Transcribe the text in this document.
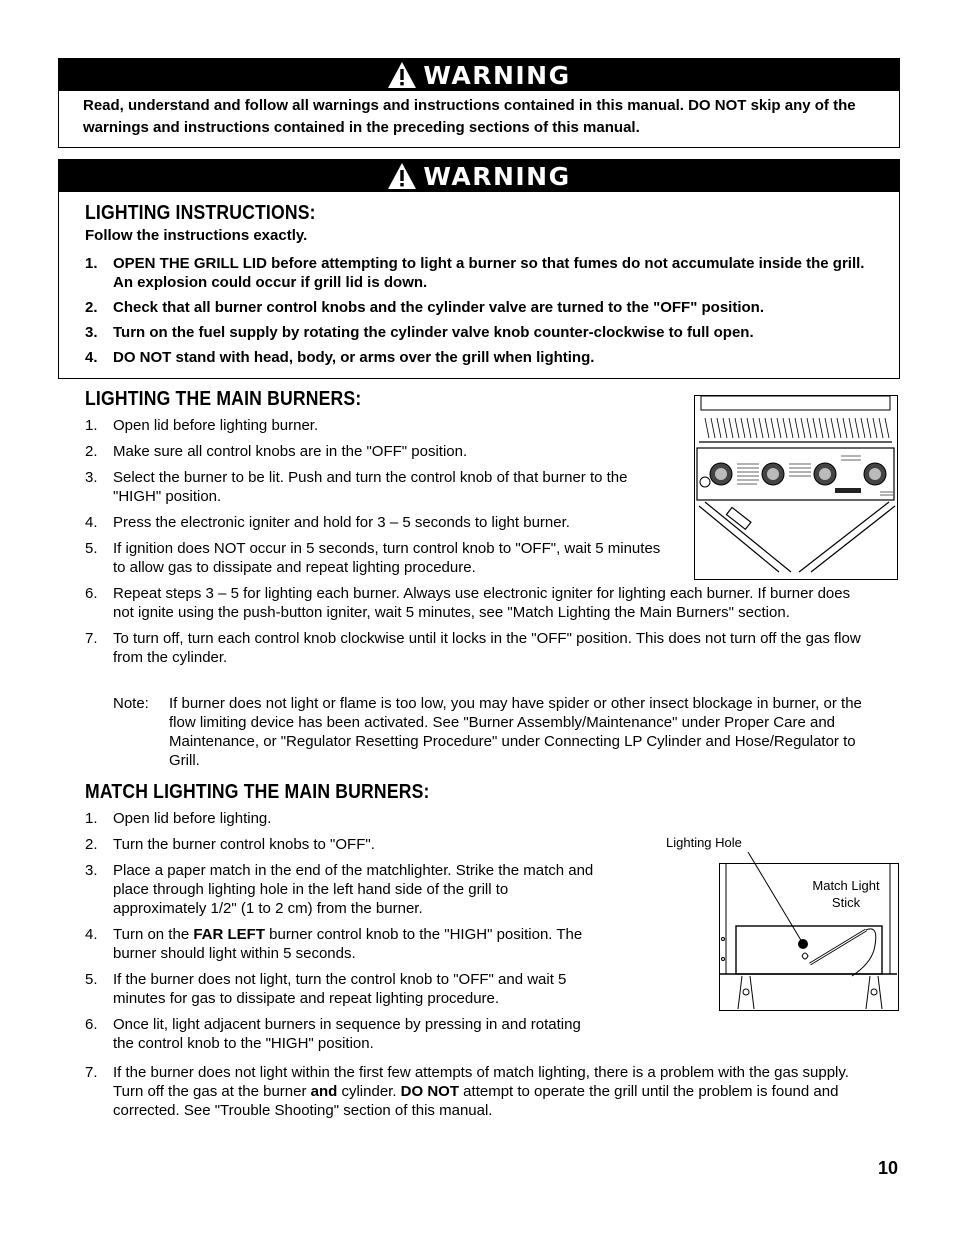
WARNING
Read, understand and follow all warnings and instructions contained in this manual. DO NOT skip any of the warnings and instructions contained in the preceding sections of this manual.
WARNING
LIGHTING INSTRUCTIONS:
Follow the instructions exactly.
1. OPEN THE GRILL LID before attempting to light a burner so that fumes do not accumulate inside the grill. An explosion could occur if grill lid is down.
2. Check that all burner control knobs and the cylinder valve are turned to the "OFF" position.
3. Turn on the fuel supply by rotating the cylinder valve knob counter-clockwise to full open.
4. DO NOT stand with head, body, or arms over the grill when lighting.
LIGHTING THE MAIN BURNERS:
1. Open lid before lighting burner.
2. Make sure all control knobs are in the "OFF" position.
3. Select the burner to be lit. Push and turn the control knob of that burner to the "HIGH" position.
4. Press the electronic igniter and hold for 3 – 5 seconds to light burner.
5. If ignition does NOT occur in 5 seconds, turn control knob to "OFF", wait 5 minutes to allow gas to dissipate and repeat lighting procedure.
6. Repeat steps 3 – 5 for lighting each burner. Always use electronic igniter for lighting each burner. If burner does not ignite using the push-button igniter, wait 5 minutes, see "Match Lighting the Main Burners" section.
7. To turn off, turn each control knob clockwise until it locks in the "OFF" position. This does not turn off the gas flow from the cylinder.
Note: If burner does not light or flame is too low, you may have spider or other insect blockage in burner, or the flow limiting device has been activated. See "Burner Assembly/Maintenance" under Proper Care and Maintenance, or "Regulator Resetting Procedure" under Connecting LP Cylinder and Hose/Regulator to Grill.
MATCH LIGHTING THE MAIN BURNERS:
1. Open lid before lighting.
2. Turn the burner control knobs to "OFF".
3. Place a paper match in the end of the matchlighter. Strike the match and place through lighting hole in the left hand side of the grill to approximately 1/2" (1 to 2 cm) from the burner.
4. Turn on the FAR LEFT burner control knob to the "HIGH" position. The burner should light within 5 seconds.
5. If the burner does not light, turn the control knob to "OFF" and wait 5 minutes for gas to dissipate and repeat lighting procedure.
6. Once lit, light adjacent burners in sequence by pressing in and rotating the control knob to the "HIGH" position.
7. If the burner does not light within the first few attempts of match lighting, there is a problem with the gas supply. Turn off the gas at the burner and cylinder. DO NOT attempt to operate the grill until the problem is found and corrected. See "Trouble Shooting" section of this manual.
Lighting Hole
Match Light Stick
10
